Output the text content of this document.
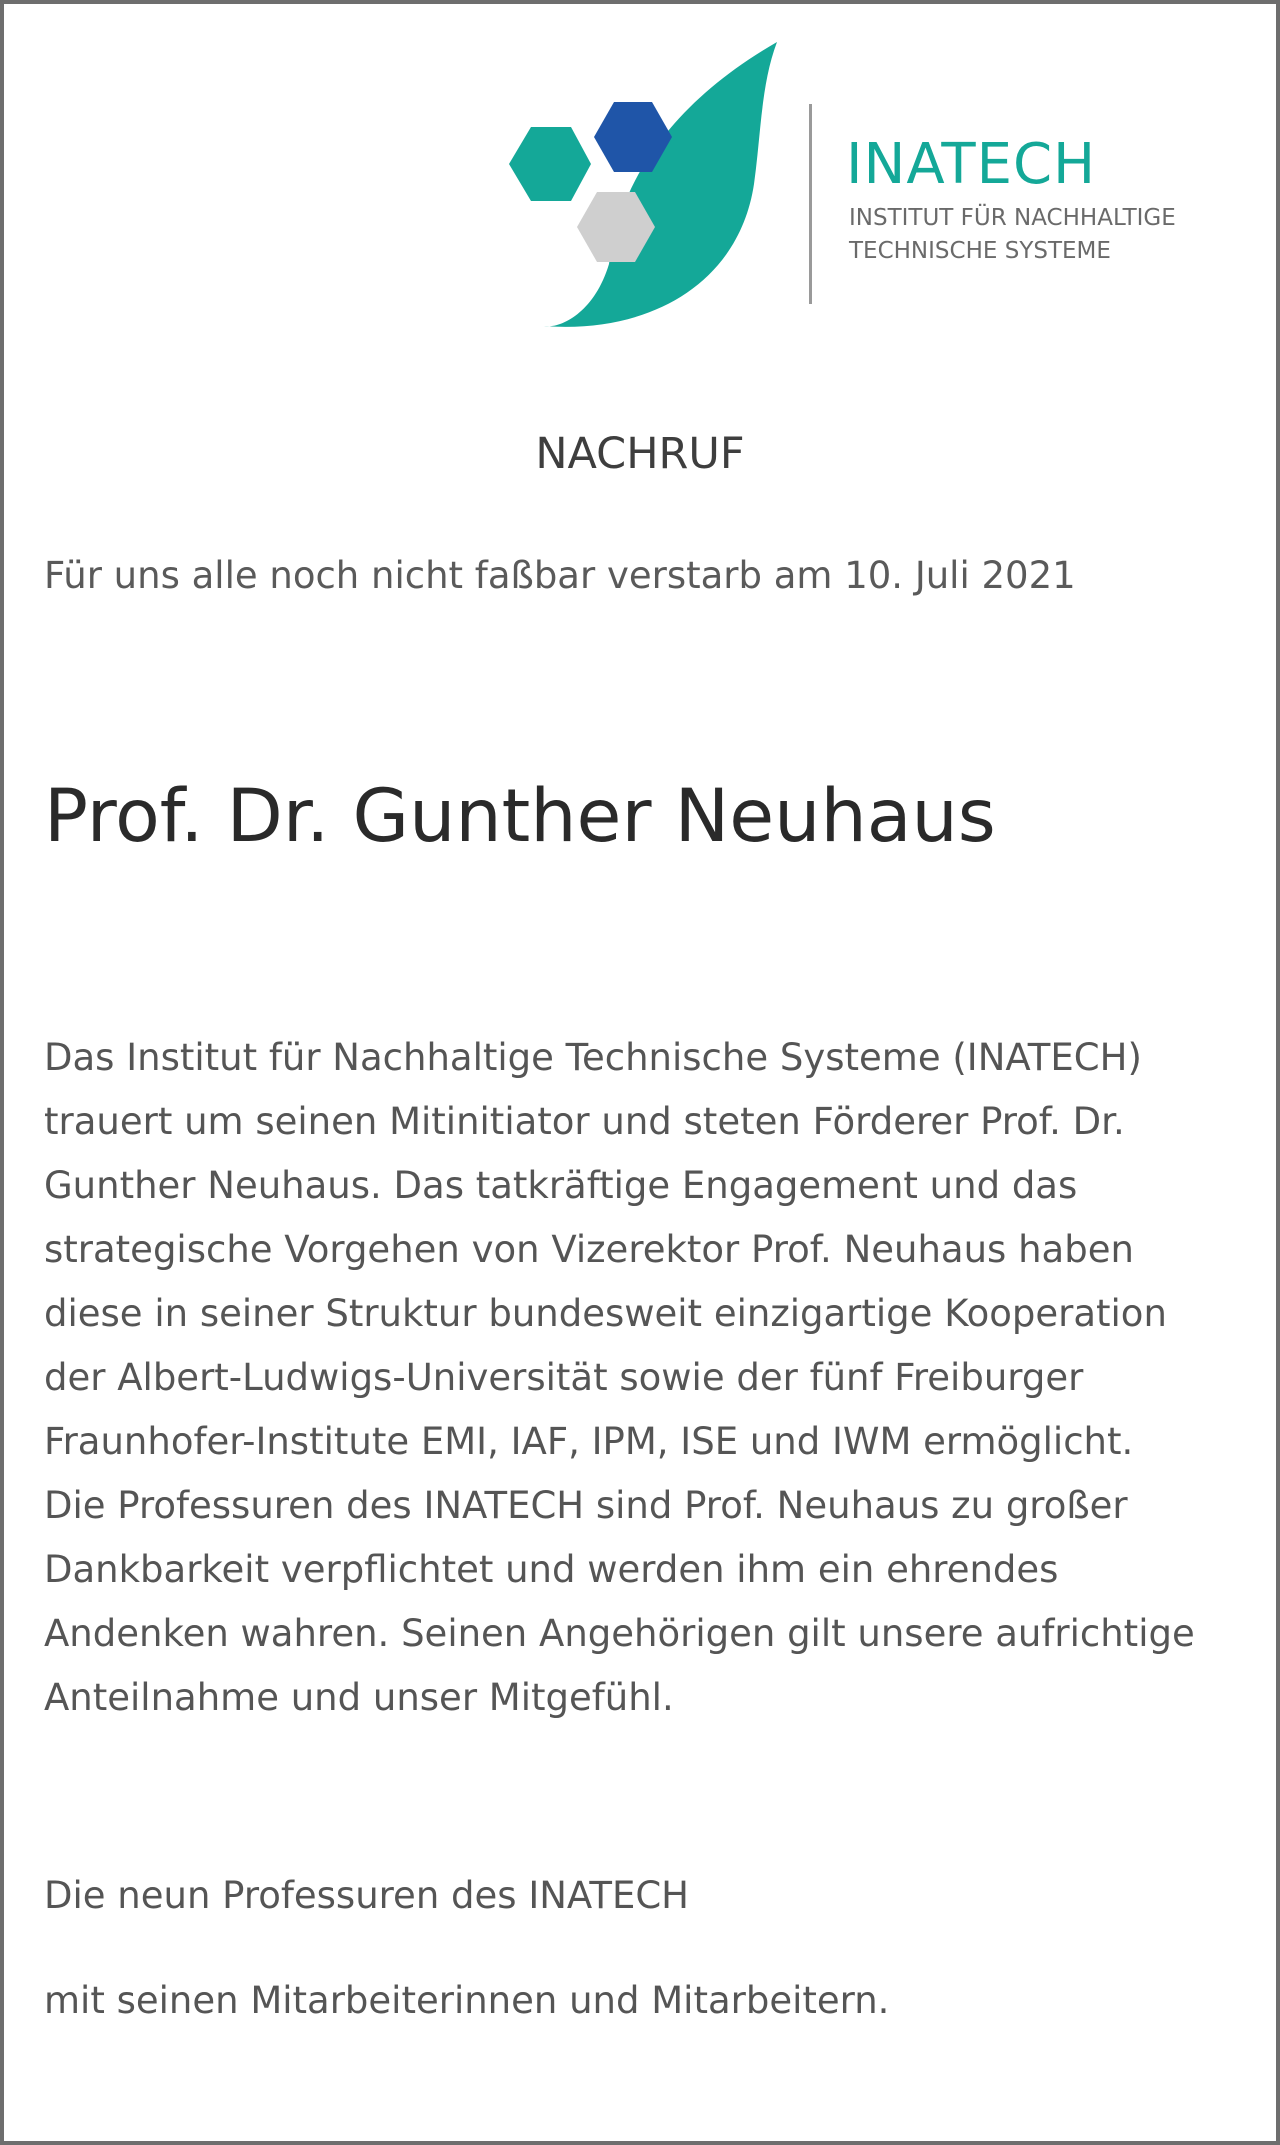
INATECH
INSTITUT FÜR NACHHALTIGE
TECHNISCHE SYSTEME
NACHRUF
Für uns alle noch nicht faßbar verstarb am 10. Juli 2021
Prof. Dr. Gunther Neuhaus
Das Institut für Nachhaltige Technische Systeme (INATECH)
trauert um seinen Mitinitiator und steten Förderer Prof. Dr.
Gunther Neuhaus. Das tatkräftige Engagement und das
strategische Vorgehen von Vizerektor Prof. Neuhaus haben
diese in seiner Struktur bundesweit einzigartige Kooperation
der Albert-Ludwigs-Universität sowie der fünf Freiburger
Fraunhofer-Institute EMI, IAF, IPM, ISE und IWM ermöglicht.
Die Professuren des INATECH sind Prof. Neuhaus zu großer
Dankbarkeit verpflichtet und werden ihm ein ehrendes
Andenken wahren. Seinen Angehörigen gilt unsere aufrichtige
Anteilnahme und unser Mitgefühl.
Die neun Professuren des INATECH
mit seinen Mitarbeiterinnen und Mitarbeitern.
